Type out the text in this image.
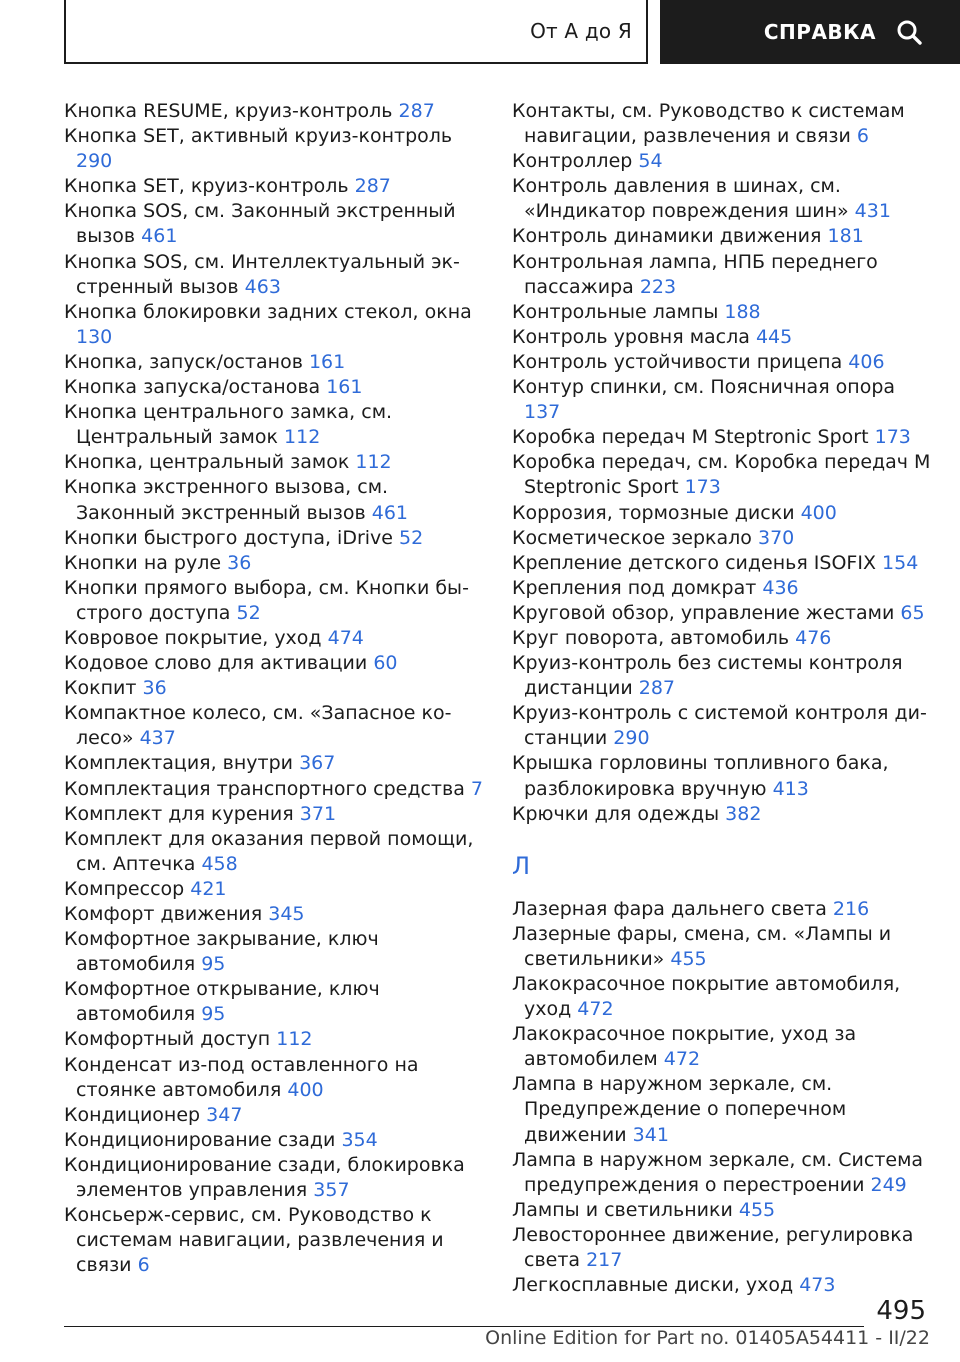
От А до Я	СПРАВКА
Кнопка RESUME, круиз-контроль 287
Кнопка SET, активный круиз-контроль 290
Кнопка SET, круиз-контроль 287
Кнопка SOS, см. Законный экстренный вызов 461
Кнопка SOS, см. Интеллектуальный экстренный вызов 463
Кнопка блокировки задних стекол, окна 130
Кнопка, запуск/останов 161
Кнопка запуска/останова 161
Кнопка центрального замка, см. Центральный замок 112
Кнопка, центральный замок 112
Кнопка экстренного вызова, см. Законный экстренный вызов 461
Кнопки быстрого доступа, iDrive 52
Кнопки на руле 36
Кнопки прямого выбора, см. Кнопки быстрого доступа 52
Ковровое покрытие, уход 474
Кодовое слово для активации 60
Кокпит 36
Компактное колесо, см. «Запасное колесо» 437
Комплектация, внутри 367
Комплектация транспортного средства 7
Комплект для курения 371
Комплект для оказания первой помощи, см. Аптечка 458
Компрессор 421
Комфорт движения 345
Комфортное закрывание, ключ автомобиля 95
Комфортное открывание, ключ автомобиля 95
Комфортный доступ 112
Конденсат из-под оставленного на стоянке автомобиля 400
Кондиционер 347
Кондиционирование сзади 354
Кондиционирование сзади, блокировка элементов управления 357
Консьерж-сервис, см. Руководство к системам навигации, развлечения и связи 6
Контакты, см. Руководство к системам навигации, развлечения и связи 6
Контроллер 54
Контроль давления в шинах, см. «Индикатор повреждения шин» 431
Контроль динамики движения 181
Контрольная лампа, НПБ переднего пассажира 223
Контрольные лампы 188
Контроль уровня масла 445
Контроль устойчивости прицепа 406
Контур спинки, см. Поясничная опора 137
Коробка передач M Steptronic Sport 173
Коробка передач, см. Коробка передач M Steptronic Sport 173
Коррозия, тормозные диски 400
Косметическое зеркало 370
Крепление детского сиденья ISOFIX 154
Крепления под домкрат 436
Круговой обзор, управление жестами 65
Круг поворота, автомобиль 476
Круиз-контроль без системы контроля дистанции 287
Круиз-контроль с системой контроля дистанции 290
Крышка горловины топливного бака, разблокировка вручную 413
Крючки для одежды 382
Л
Лазерная фара дальнего света 216
Лазерные фары, смена, см. «Лампы и светильники» 455
Лакокрасочное покрытие автомобиля, уход 472
Лакокрасочное покрытие, уход за автомобилем 472
Лампа в наружном зеркале, см. Предупреждение о поперечном движении 341
Лампа в наружном зеркале, см. Система предупреждения о перестроении 249
Лампы и светильники 455
Левостороннее движение, регулировка света 217
Легкосплавные диски, уход 473
495
Online Edition for Part no. 01405A54411 - II/22
